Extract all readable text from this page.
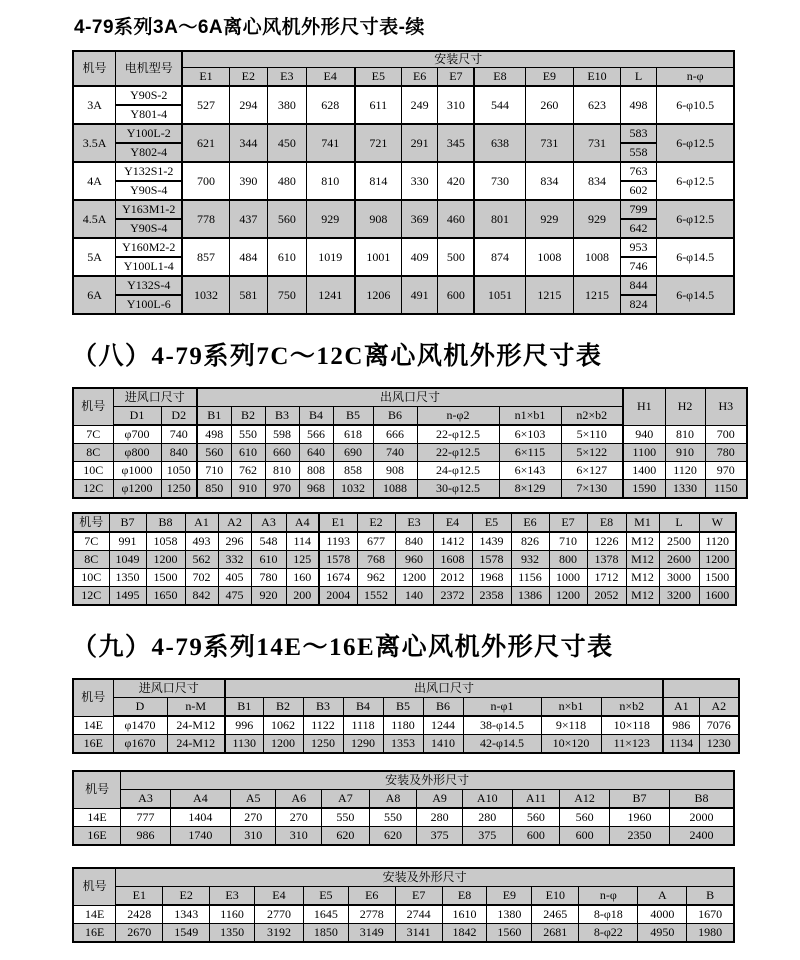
4-79系列3A～6A离心风机外形尺寸表-续
机号	电机型号	安装尺寸											
		E1	E2	E3	E4	E5	E6	E7	E8	E9	E10	L	n-φ
3A	Y90S-2	527	294	380	628	611	249	310	544	260	623	498	6-φ10.5
	Y801-4												
3.5A	Y100L-2	621	344	450	741	721	291	345	638	731	731	583	6-φ12.5
	Y802-4											558	
4A	Y132S1-2	700	390	480	810	814	330	420	730	834	834	763	6-φ12.5
	Y90S-4											602	
4.5A	Y163M1-2	778	437	560	929	908	369	460	801	929	929	799	6-φ12.5
	Y90S-4											642	
5A	Y160M2-2	857	484	610	1019	1001	409	500	874	1008	1008	953	6-φ14.5
	Y100L1-4											746	
6A	Y132S-4	1032	581	750	1241	1206	491	600	1051	1215	1215	844	6-φ14.5
	Y100L-6											824	
（八）4-79系列7C～12C离心风机外形尺寸表
机号	进风口尺寸		出风口尺寸									H1	H2	H3
	D1	D2	B1	B2	B3	B4	B5	B6	n-φ2	n1×b1	n2×b2			
7C	φ700	740	498	550	598	566	618	666	22-φ12.5	6×103	5×110	940	810	700
8C	φ800	840	560	610	660	640	690	740	22-φ12.5	6×115	5×122	1100	910	780
10C	φ1000	1050	710	762	810	808	858	908	24-φ12.5	6×143	6×127	1400	1120	970
12C	φ1200	1250	850	910	970	968	1032	1088	30-φ12.5	8×129	7×130	1590	1330	1150
机号	B7	B8	A1	A2	A3	A4	E1	E2	E3	E4	E5	E6	E7	E8	M1	L	W
7C	991	1058	493	296	548	114	1193	677	840	1412	1439	826	710	1226	M12	2500	1120
8C	1049	1200	562	332	610	125	1578	768	960	1608	1578	932	800	1378	M12	2600	1200
10C	1350	1500	702	405	780	160	1674	962	1200	2012	1968	1156	1000	1712	M12	3000	1500
12C	1495	1650	842	475	920	200	2004	1552	140	2372	2358	1386	1200	2052	M12	3200	1600
（九）4-79系列14E～16E离心风机外形尺寸表
机号	进风口尺寸		出风口尺寸										
	D	n-M	B1	B2	B3	B4	B5	B6	n-φ1	n×b1	n×b2	A1	A2
14E	φ1470	24-M12	996	1062	1122	1118	1180	1244	38-φ14.5	9×118	10×118	986	7076
16E	φ1670	24-M12	1130	1200	1250	1290	1353	1410	42-φ14.5	10×120	11×123	1134	1230
机号	安装及外形尺寸											
	A3	A4	A5	A6	A7	A8	A9	A10	A11	A12	B7	B8
14E	777	1404	270	270	550	550	280	280	560	560	1960	2000
16E	986	1740	310	310	620	620	375	375	600	600	2350	2400
机号	安装及外形尺寸												
	E1	E2	E3	E4	E5	E6	E7	E8	E9	E10	n-φ	A	B
14E	2428	1343	1160	2770	1645	2778	2744	1610	1380	2465	8-φ18	4000	1670
16E	2670	1549	1350	3192	1850	3149	3141	1842	1560	2681	8-φ22	4950	1980
